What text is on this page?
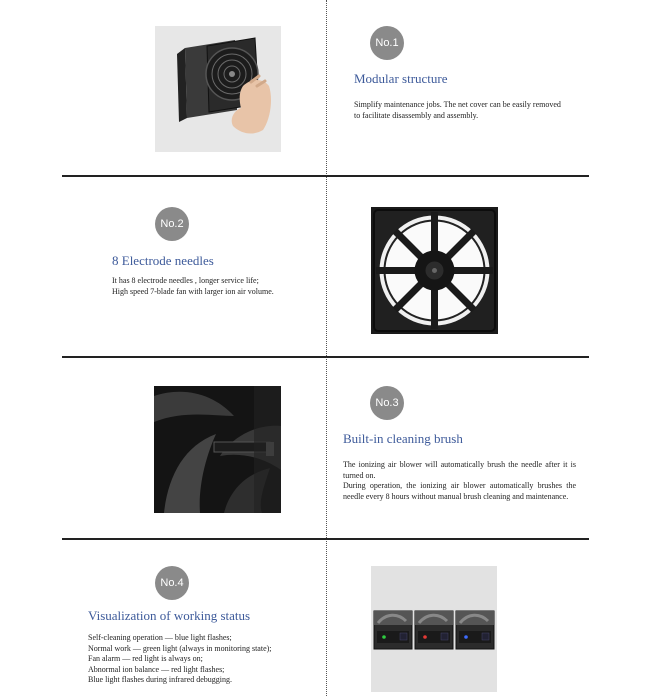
No.1
Modular structure

Simplify maintenance jobs. The net cover can be easily removed

to facilitate disassembly and assembly.

No.2
8 Electrode needles

It has 8 electrode needles , longer service life;

High speed 7-blade fan with larger ion air volume.

No.3
Built-in cleaning brush

The ionizing air blower will automatically brush the needle after it is turned on.

During operation, the ionizing air blower automatically brushes the needle every 8 hours without manual brush cleaning and maintenance.

No.4
Visualization of working status

Self-cleaning operation — blue light flashes;

Normal work — green light (always in monitoring state);

Fan alarm — red light is always on;

Abnormal ion balance — red light flashes;

Blue light flashes during infrared debugging.
